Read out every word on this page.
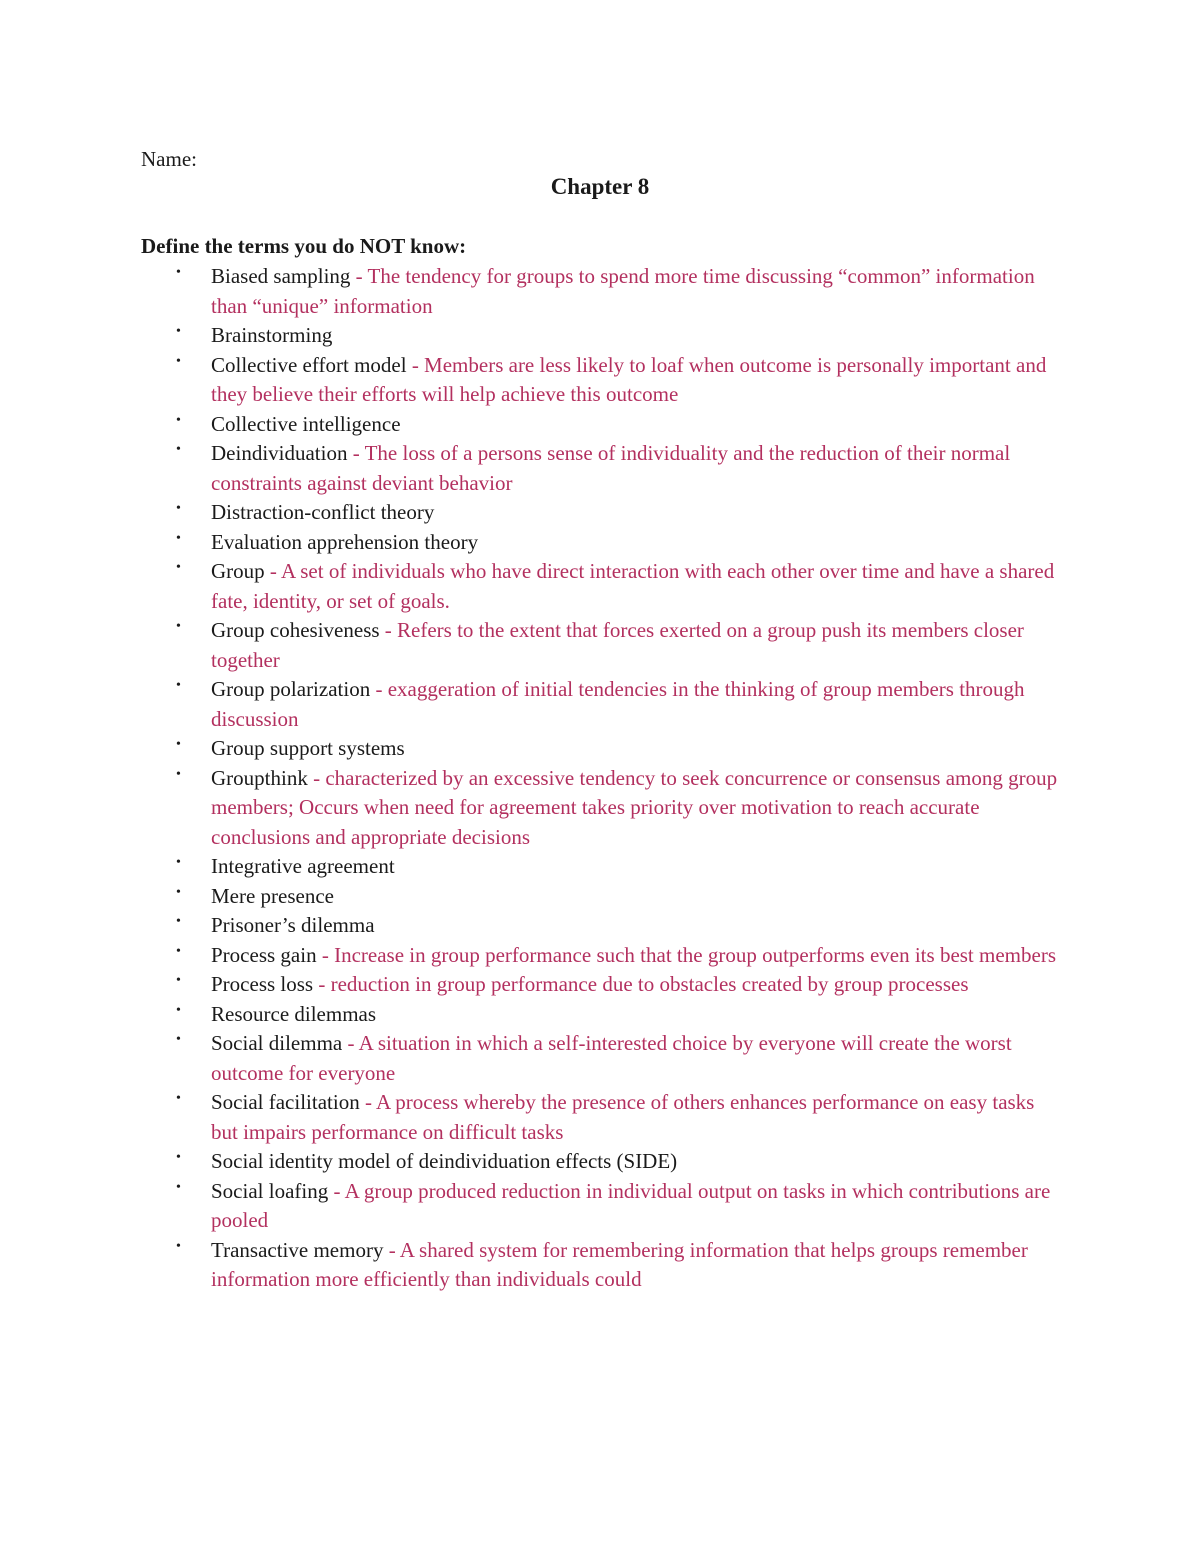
Name:
Chapter 8
Define the terms you do NOT know:
• Biased sampling - The tendency for groups to spend more time discussing “common” information than “unique” information
• Brainstorming
• Collective effort model - Members are less likely to loaf when outcome is personally important and they believe their efforts will help achieve this outcome
• Collective intelligence
• Deindividuation - The loss of a persons sense of individuality and the reduction of their normal constraints against deviant behavior
• Distraction-conflict theory
• Evaluation apprehension theory
• Group - A set of individuals who have direct interaction with each other over time and have a shared fate, identity, or set of goals.
• Group cohesiveness - Refers to the extent that forces exerted on a group push its members closer together
• Group polarization - exaggeration of initial tendencies in the thinking of group members through discussion
• Group support systems
• Groupthink - characterized by an excessive tendency to seek concurrence or consensus among group members; Occurs when need for agreement takes priority over motivation to reach accurate conclusions and appropriate decisions
• Integrative agreement
• Mere presence
• Prisoner’s dilemma
• Process gain - Increase in group performance such that the group outperforms even its best members
• Process loss - reduction in group performance due to obstacles created by group processes
• Resource dilemmas
• Social dilemma - A situation in which a self-interested choice by everyone will create the worst outcome for everyone
• Social facilitation - A process whereby the presence of others enhances performance on easy tasks but impairs performance on difficult tasks
• Social identity model of deindividuation effects (SIDE)
• Social loafing - A group produced reduction in individual output on tasks in which contributions are pooled
• Transactive memory - A shared system for remembering information that helps groups remember information more efficiently than individuals could
